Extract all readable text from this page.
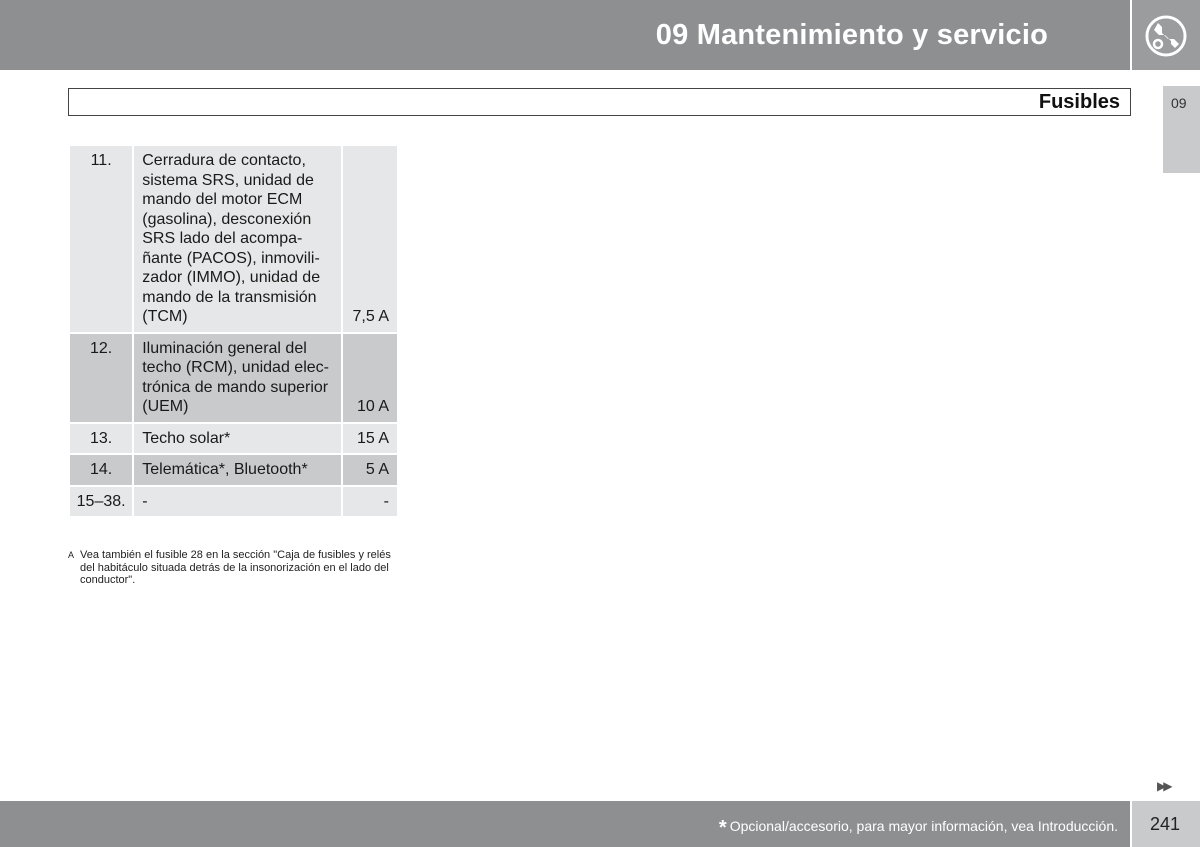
09 Mantenimiento y servicio
09
Fusibles
11.	Cerradura de contacto, sistema SRS, unidad de mando del motor ECM (gasolina), desconexión SRS lado del acompa-ñante (PACOS), inmovili-zador (IMMO), unidad de mando de la transmisión (TCM)	7,5 A
12.	Iluminación general del techo (RCM), unidad elec-trónica de mando superior (UEM)	10 A
13.	Techo solar*	15 A
14.	Telemática*, Bluetooth*	5 A
15–38.	-	-
A Vea también el fusible 28 en la sección "Caja de fusibles y relés del habitáculo situada detrás de la insonorización en el lado del conductor".
▶▶
* Opcional/accesorio, para mayor información, vea Introducción. 241
